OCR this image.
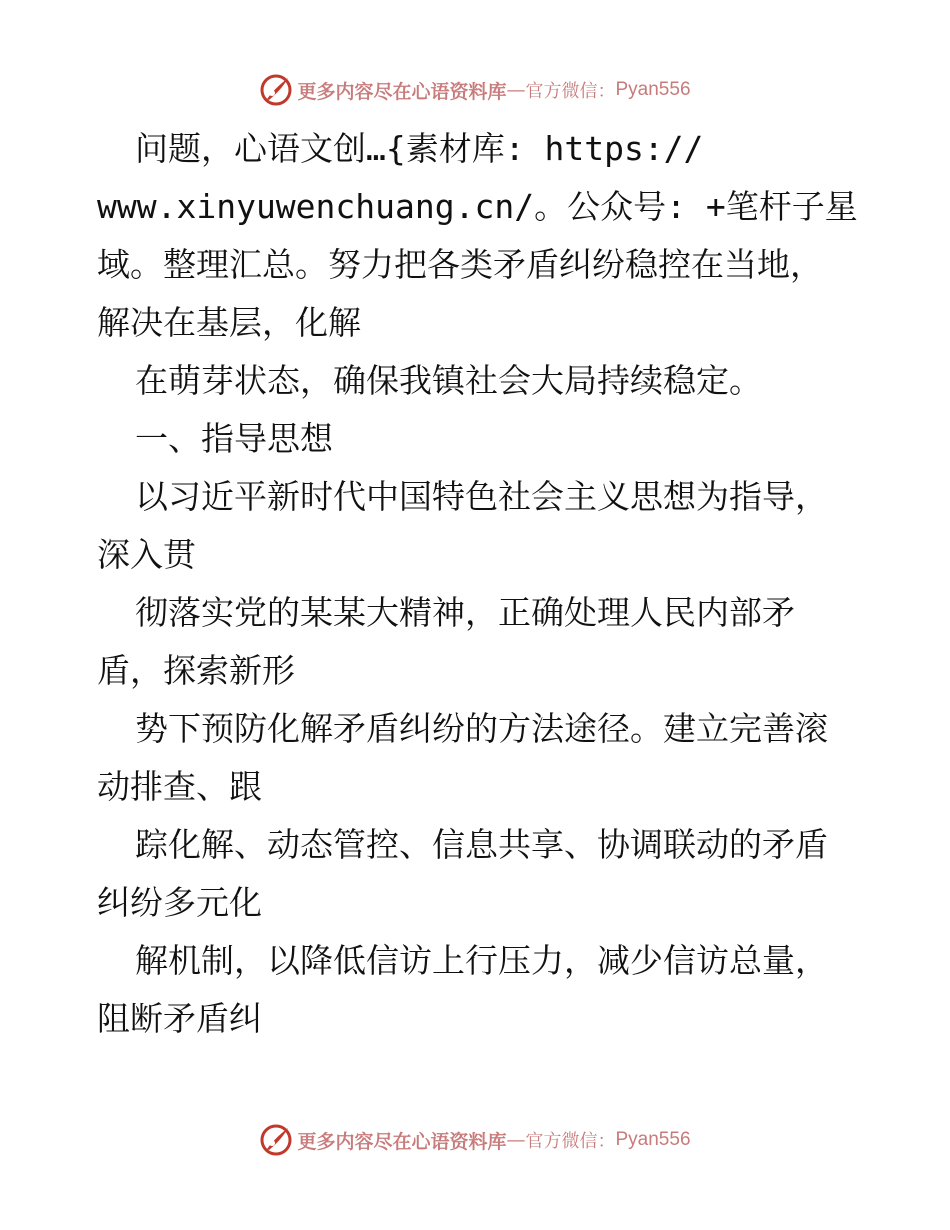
更多内容尽在心语资料库 — 官方微信： Pyan556
问题，心语文创…{素材库: https://
www.xinyuwenchuang.cn/。公众号: +笔杆子星
域。整理汇总。努力把各类矛盾纠纷稳控在当地，
解决在基层，化解
在萌芽状态，确保我镇社会大局持续稳定。
一、指导思想
以习近平新时代中国特色社会主义思想为指导，
深入贯
彻落实党的某某大精神，正确处理人民内部矛
盾，探索新形
势下预防化解矛盾纠纷的方法途径。建立完善滚
动排查、跟
踪化解、动态管控、信息共享、协调联动的矛盾
纠纷多元化
解机制，以降低信访上行压力，减少信访总量，
阻断矛盾纠
更多内容尽在心语资料库 — 官方微信： Pyan556
